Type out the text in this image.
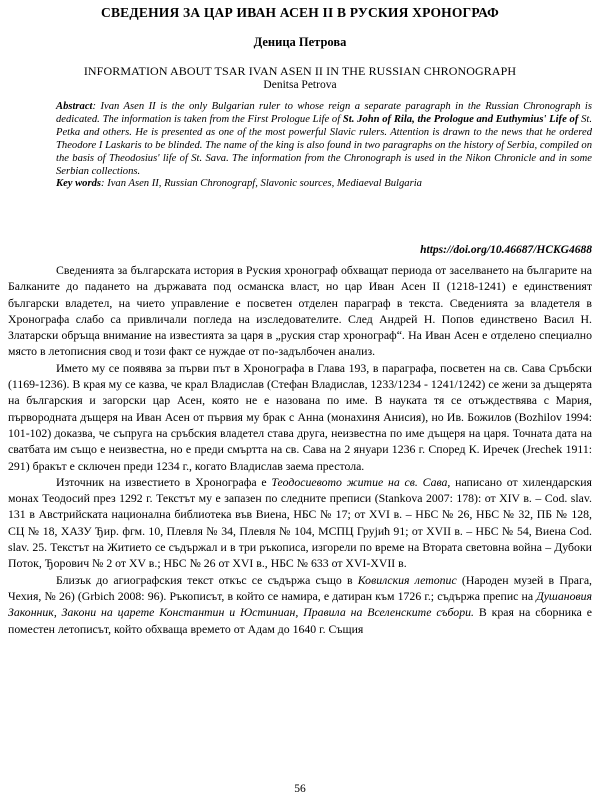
СВЕДЕНИЯ ЗА ЦАР ИВАН АСЕН II В РУСКИЯ ХРОНОГРАФ
Деница Петрова
INFORMATION ABOUT TSAR IVAN ASEN II IN THE RUSSIAN CHRONOGRAPH
Denitsa Petrova
Abstract: Ivan Asen II is the only Bulgarian ruler to whose reign a separate paragraph in the Russian Chronograph is dedicated. The information is taken from the First Prologue Life of St. John of Rila, the Prologue and Euthymius' Life of St. Petka and others. He is presented as one of the most powerful Slavic rulers. Attention is drawn to the news that he ordered Theodore I Laskaris to be blinded. The name of the king is also found in two paragraphs on the history of Serbia, compiled on the basis of Theodosius' life of St. Sava. The information from the Chronograph is used in the Nikon Chronicle and in some Serbian collections.
Key words: Ivan Asen II, Russian Chronograpf, Slavonic sources, Mediaeval Bulgaria
https://doi.org/10.46687/HCKG4688

Сведенията за българската история в Руския хронограф обхващат периода от заселването на българите на Балканите до падането на държавата под османска власт, но цар Иван Асен II (1218-1241) е единственият български владетел, на чието управление е посветен отделен параграф в текста. Сведенията за владетеля в Хронографа слабо са привличали погледа на изследователите. След Андрей Н. Попов единствено Васил Н. Златарски обръща внимание на известията за царя в „руския стар хронограф“. На Иван Асен е отделено специално място в летописния свод и този факт се нуждае от по-задълбочен анализ.

Името му се появява за първи път в Хронографа в Глава 193, в параграфа, посветен на св. Сава Сръбски (1169-1236). В края му се казва, че крал Владислав (Стефан Владислав, 1233/1234 - 1241/1242) се жени за дъщерята на българския и загорски цар Асен, която не е назована по име. В науката тя се отъждествява с Мария, първородната дъщеря на Иван Асен от първия му брак с Анна (монахиня Анисия), но Ив. Божилов (Bozhilov 1994: 101-102) доказва, че съпруга на сръбския владетел става друга, неизвестна по име дъщеря на царя. Точната дата на сватбата им също е неизвестна, но е преди смъртта на св. Сава на 2 януари 1236 г. Според К. Иречек (Jrechek 1911: 291) бракът е сключен преди 1234 г., когато Владислав заема престола.

Източник на известието в Хронографа е Теодосиевото житие на св. Сава, написано от хилендарския монах Теодосий през 1292 г. Текстът му е запазен по следните преписи (Stankova 2007: 178): от XIV в. – Cod. slav. 131 в Австрийската национална библиотека във Виена, НБС № 17; от XVI в. – НБС № 26, НБС № 32, ПБ № 128, СЦ № 18, ХАЗУ Ђир. фгм. 10, Плевля № 34, Плевля № 104, МСПЦ Грујић 91; от XVII в. – НБС № 54, Виена Cod. slav. 25. Текстът на Житието се съдържал и в три ръкописа, изгорели по време на Втората световна война – Дубоки Поток, Ђорович № 2 от XV в.; НБС № 26 от XVI в., НБС № 633 от XVI-XVII в.

Близък до агиографския текст откъс се съдържа също в Ковилския летопис (Народен музей в Прага, Чехия, № 26) (Grbich 2008: 96). Ръкописът, в който се намира, е датиран към 1726 г.; съдържа препис на Душановия Законник, Закони на царете Константин и Юстиниан, Правила на Вселенските събори. В края на сборника е поместен летописът, който обхваща времето от Адам до 1640 г. Същия

56
